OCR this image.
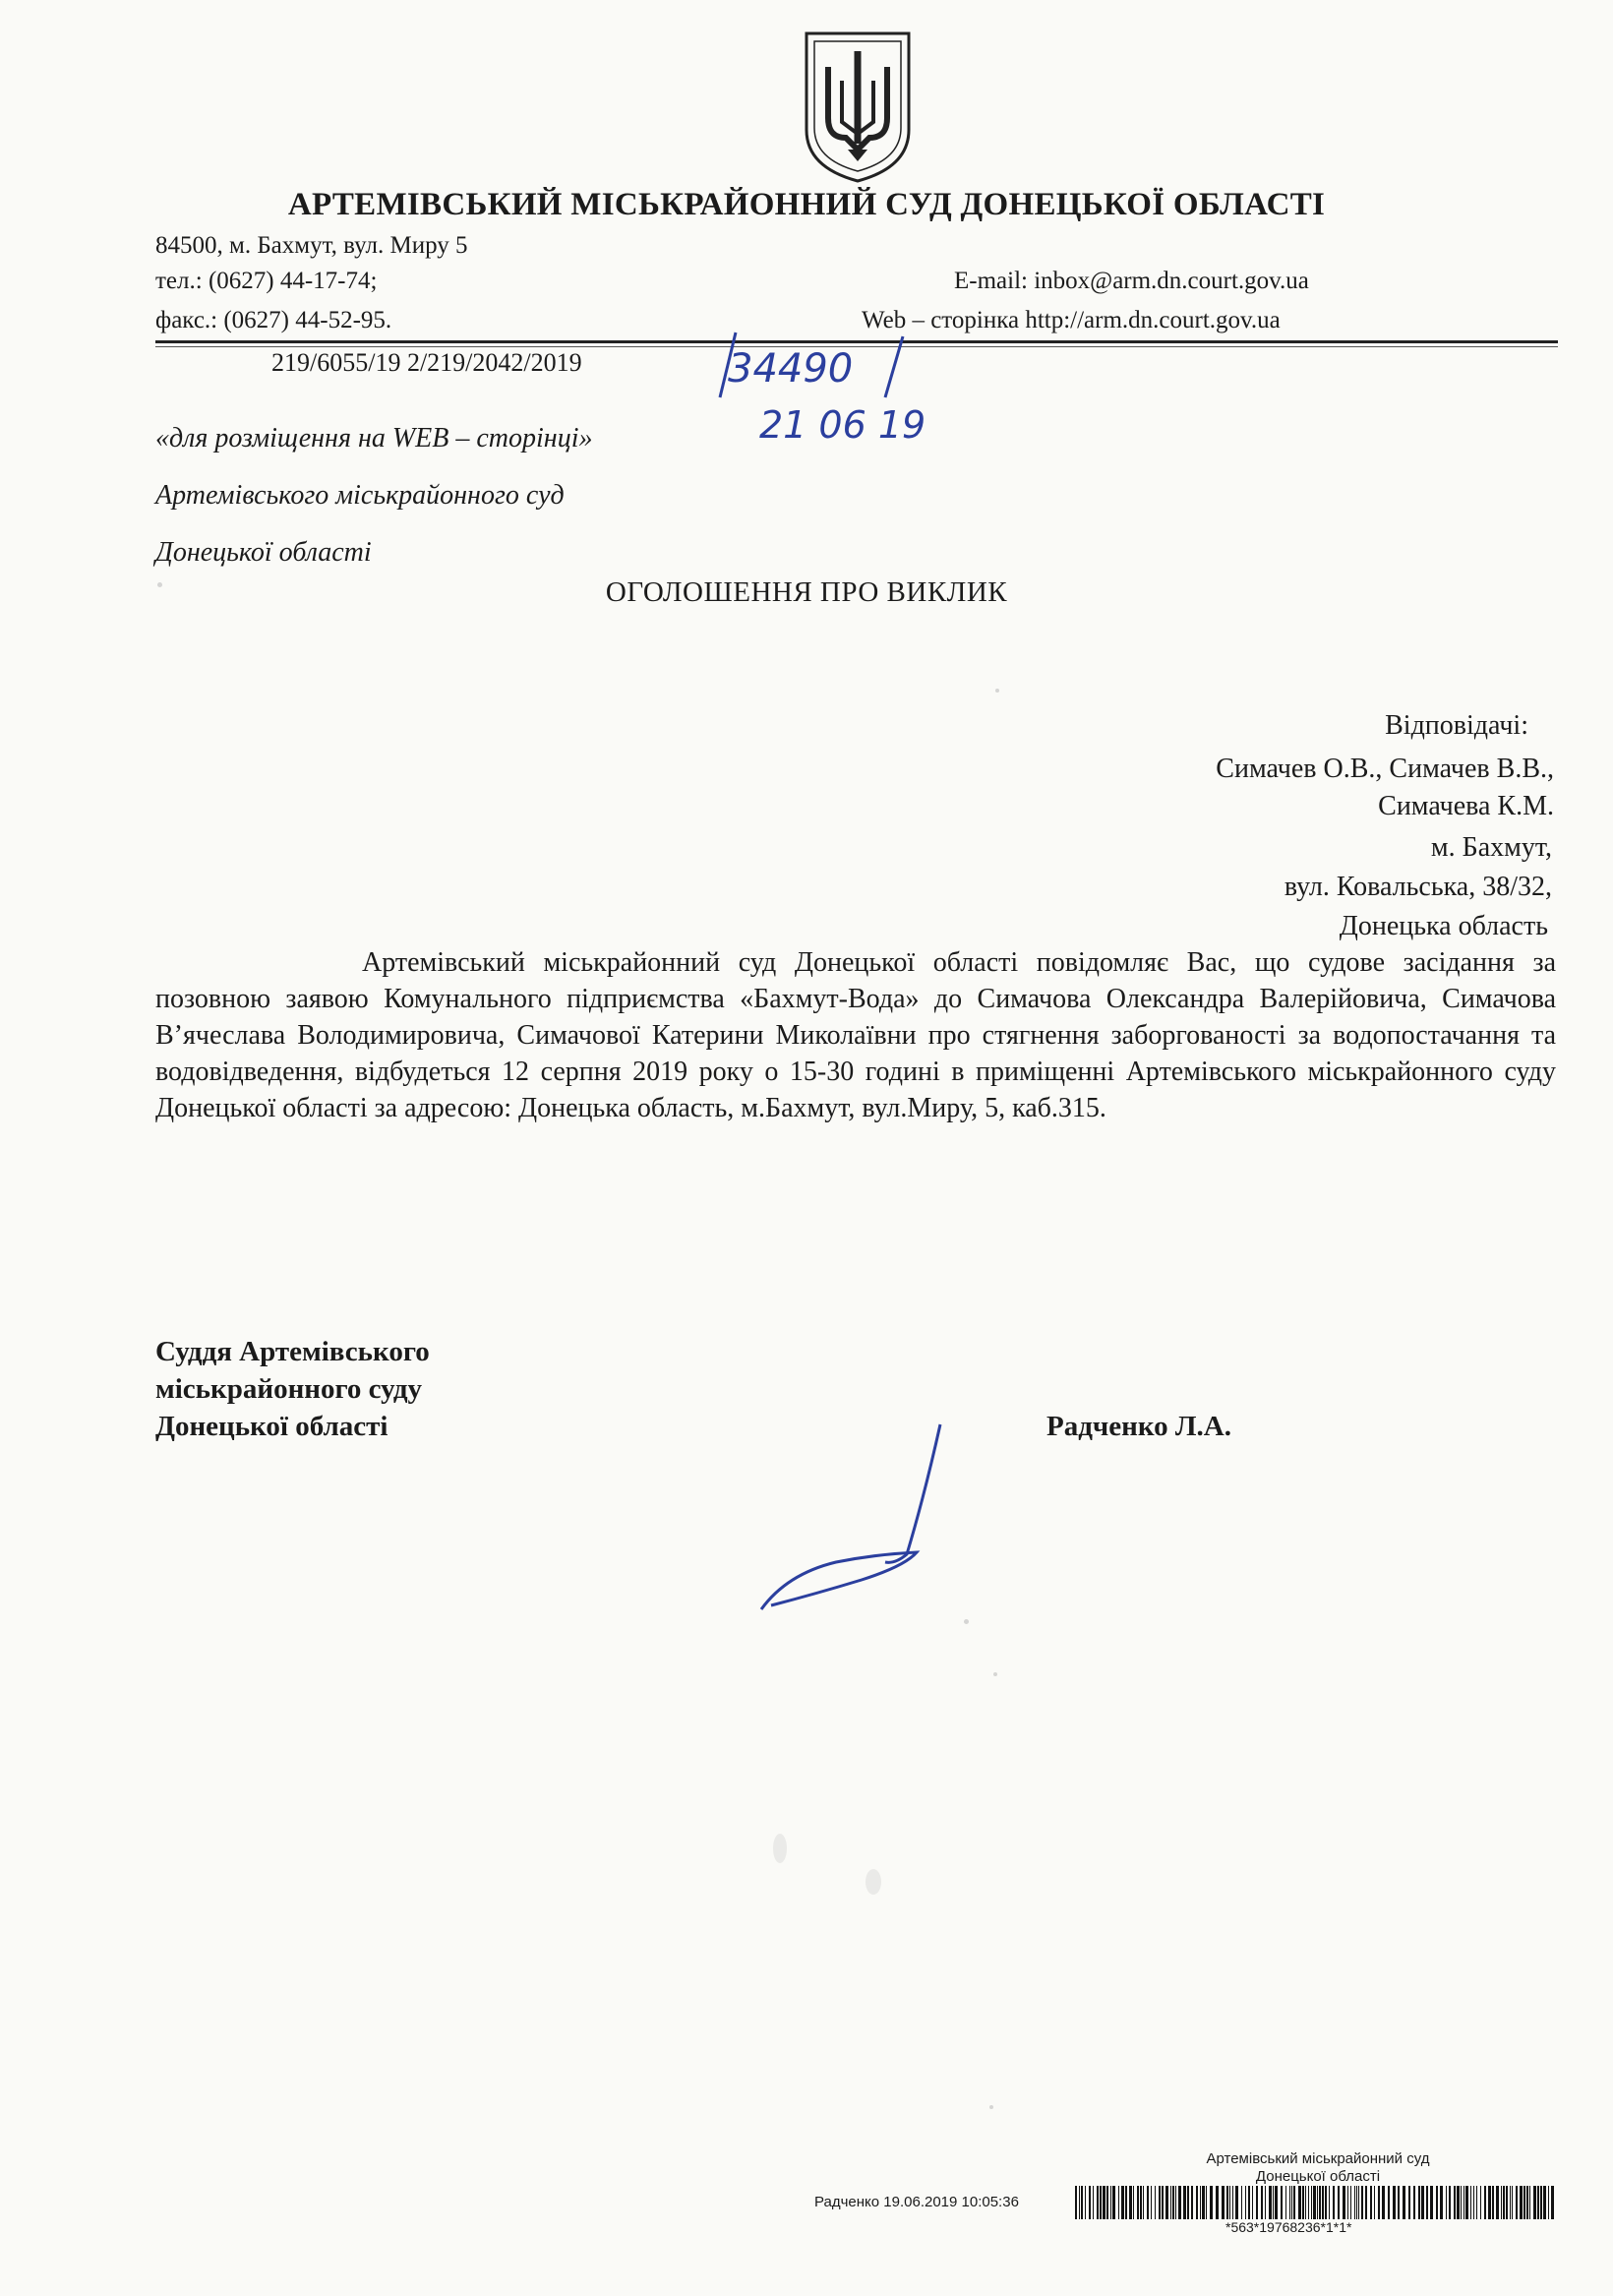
АРТЕМІВСЬКИЙ МІСЬКРАЙОННИЙ СУД ДОНЕЦЬКОЇ ОБЛАСТІ
84500, м. Бахмут, вул. Миру 5
тел.: (0627) 44-17-74;
факс.: (0627) 44-52-95.
E-mail: inbox@arm.dn.court.gov.ua
Web – сторінка http://arm.dn.court.gov.ua
219/6055/19 2/219/2042/2019	34490
21 06 19
«для розміщення на WEB – сторінці»
Артемівського міськрайонного суд
Донецької області
ОГОЛОШЕННЯ ПРО ВИКЛИК
Відповідачі:
Симачев О.В., Симачев В.В.,
Симачева К.М.
м. Бахмут,
вул. Ковальська, 38/32,
Донецька область
Артемівський міськрайонний суд Донецької області повідомляє Вас, що судове засідання за позовною заявою Комунального підприємства «Бахмут-Вода» до Симачова Олександра Валерійовича, Симачова В’ячеслава Володимировича, Симачової Катерини Миколаївни про стягнення заборгованості за водопостачання та водовідведення, відбудеться 12 серпня 2019 року о 15-30 годині в приміщенні Артемівського міськрайонного суду Донецької області за адресою: Донецька область, м.Бахмут, вул.Миру, 5, каб.315.
Суддя Артемівського
міськрайонного суду
Донецької області	Радченко Л.А.
Артемівський міськрайонний суд
Донецької області
Радченко 19.06.2019 10:05:36
*563*19768236*1*1*
